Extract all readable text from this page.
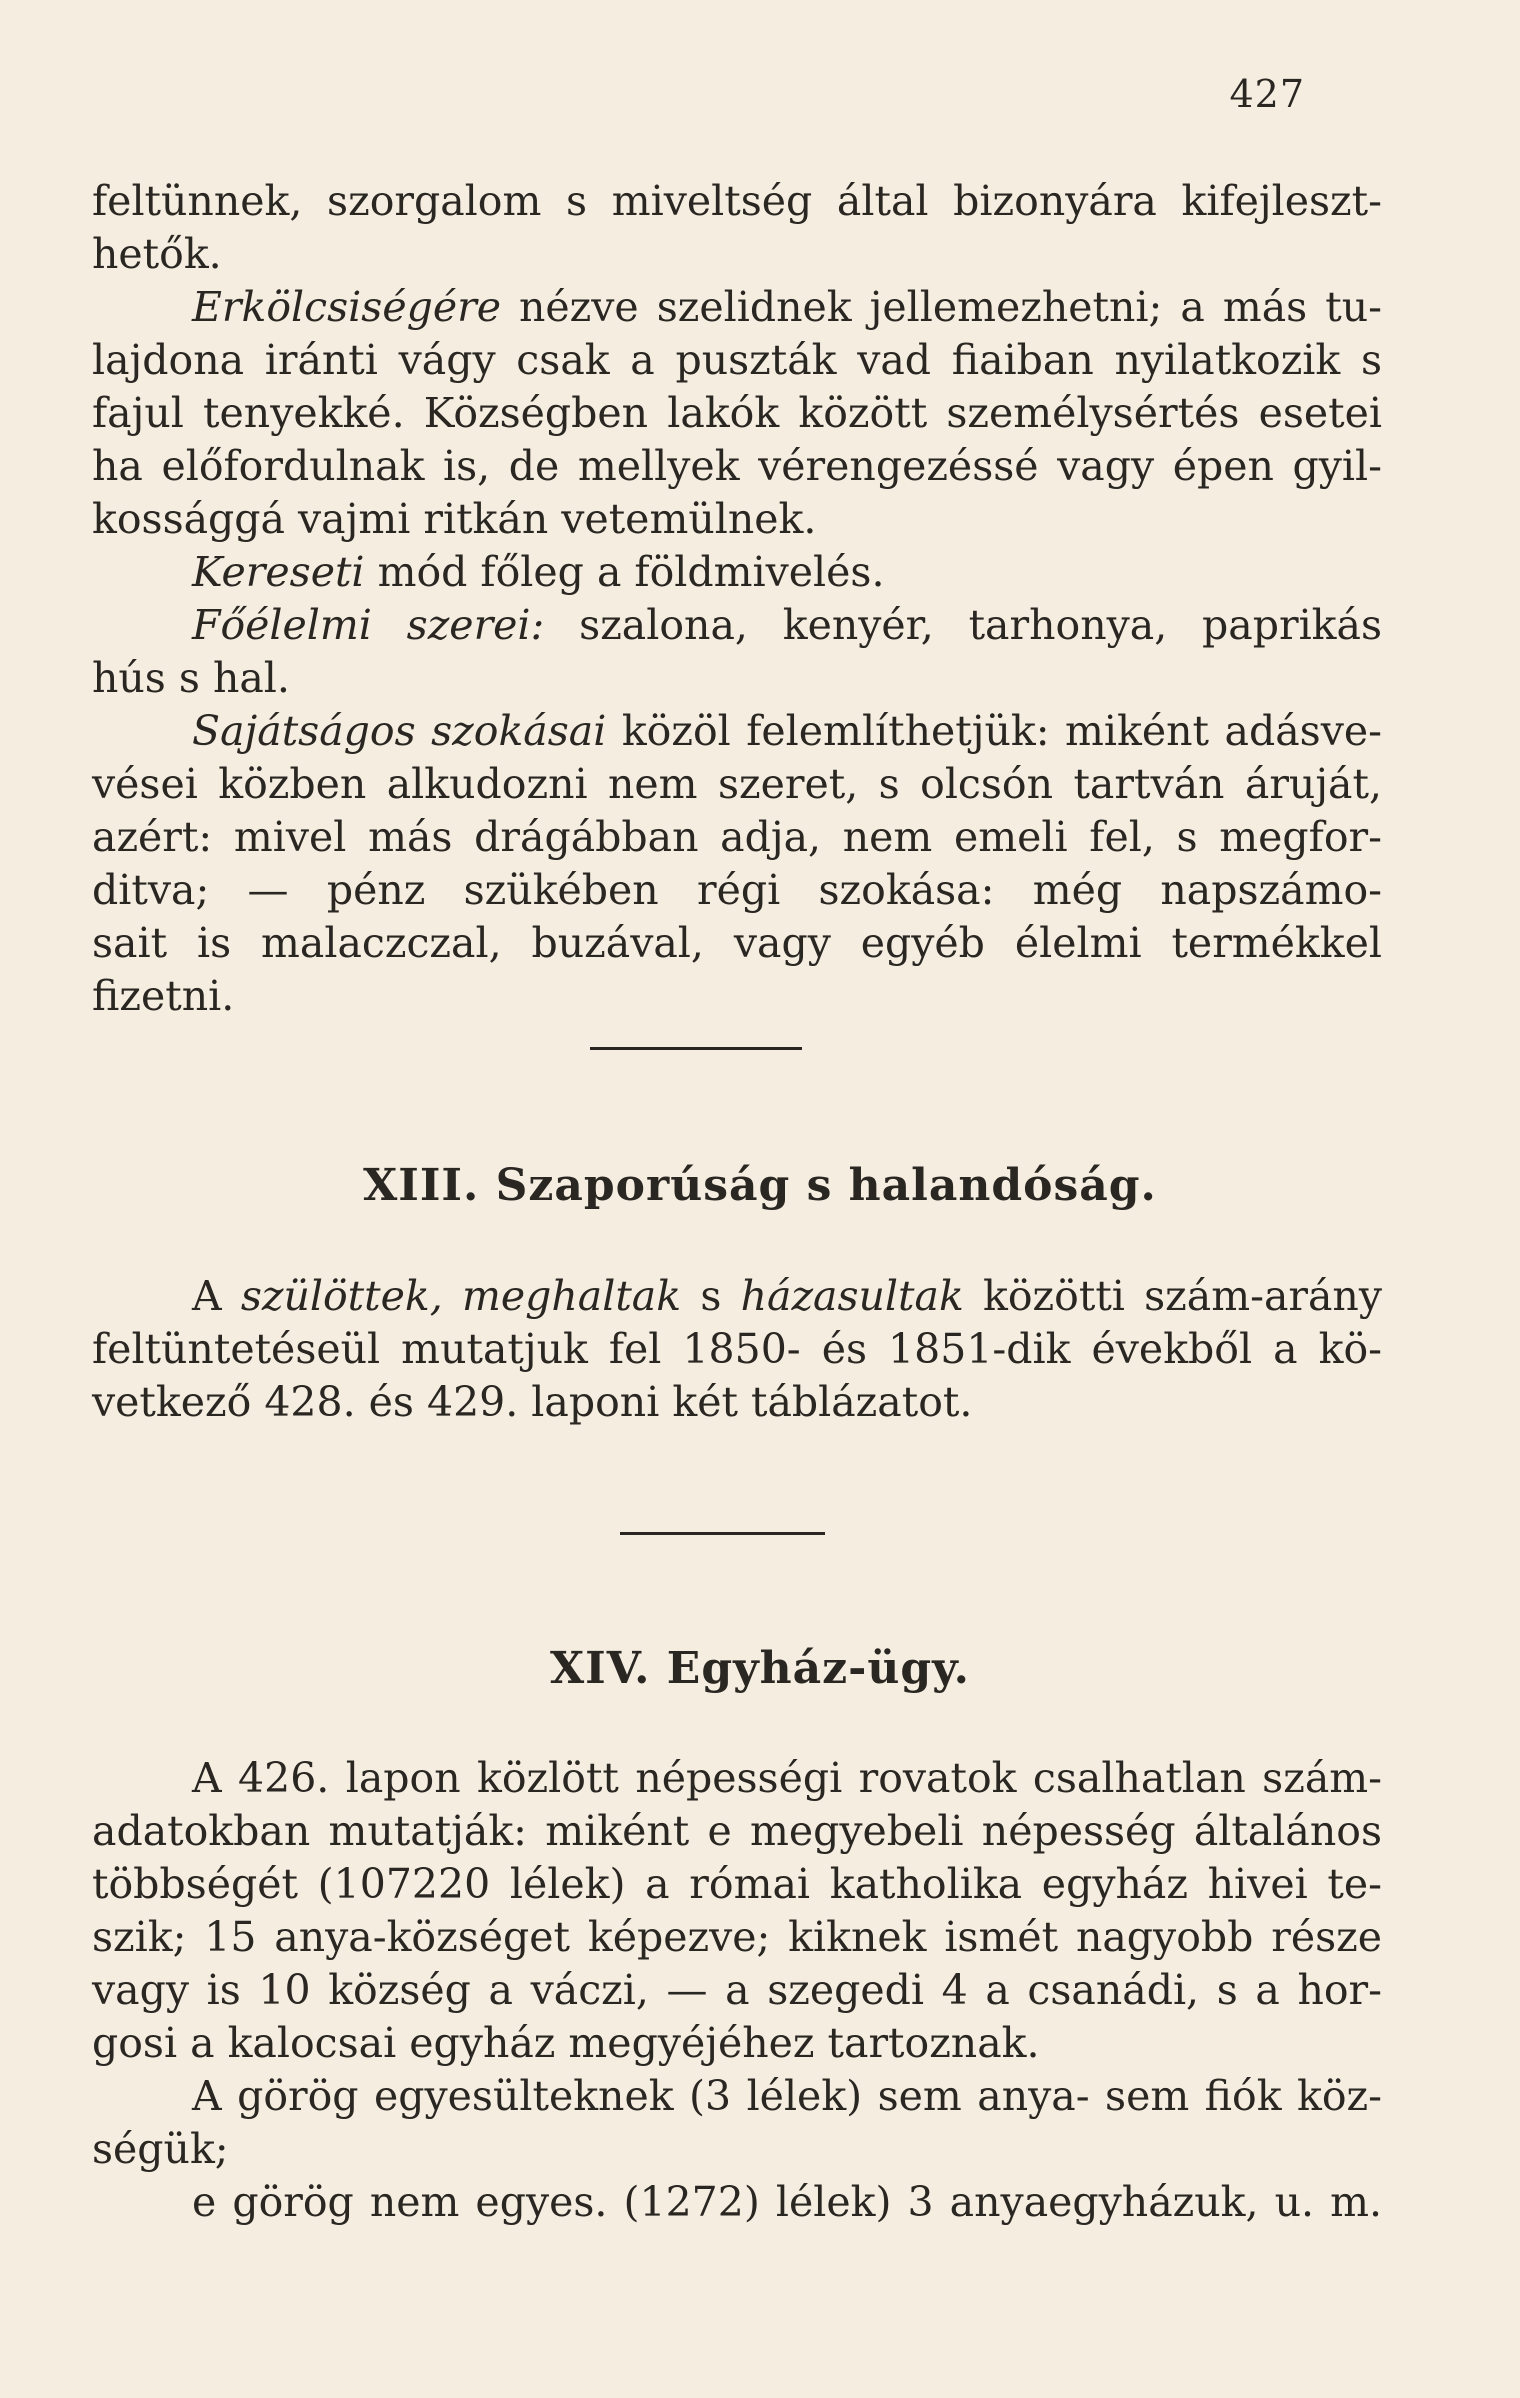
427
feltünnek, szorgalom s miveltség által bizonyára kifejleszt-
hetők.
Erkölcsiségére nézve szelidnek jellemezhetni; a más tu-
lajdona iránti vágy csak a puszták vad fiaiban nyilatkozik s
fajul tenyekké. Községben lakók között személysértés esetei
ha előfordulnak is, de mellyek vérengezéssé vagy épen gyil-
kossággá vajmi ritkán vetemülnek.
Kereseti mód főleg a földmivelés.
Főélelmi szerei: szalona, kenyér, tarhonya, paprikás
hús s hal.
Sajátságos szokásai közöl felemlíthetjük: miként adásve-
vései közben alkudozni nem szeret, s olcsón tartván áruját,
azért: mivel más drágábban adja, nem emeli fel, s megfor-
ditva; — pénz szükében régi szokása: még napszámo-
sait is malaczczal, buzával, vagy egyéb élelmi termékkel
fizetni.
XIII. Szaporúság s halandóság.
A szülöttek, meghaltak s házasultak közötti szám-arány
feltüntetéseül mutatjuk fel 1850- és 1851-dik évekből a kö-
vetkező 428. és 429. laponi két táblázatot.
XIV. Egyház-ügy.
A 426. lapon közlött népességi rovatok csalhatlan szám-
adatokban mutatják: miként e megyebeli népesség általános
többségét (107220 lélek) a római katholika egyház hivei te-
szik; 15 anya-községet képezve; kiknek ismét nagyobb része
vagy is 10 község a váczi, — a szegedi 4 a csanádi, s a hor-
gosi a kalocsai egyház megyéjéhez tartoznak.
A görög egyesülteknek (3 lélek) sem anya- sem fiók köz-
ségük;
e görög nem egyes. (1272) lélek) 3 anyaegyházuk, u. m.
